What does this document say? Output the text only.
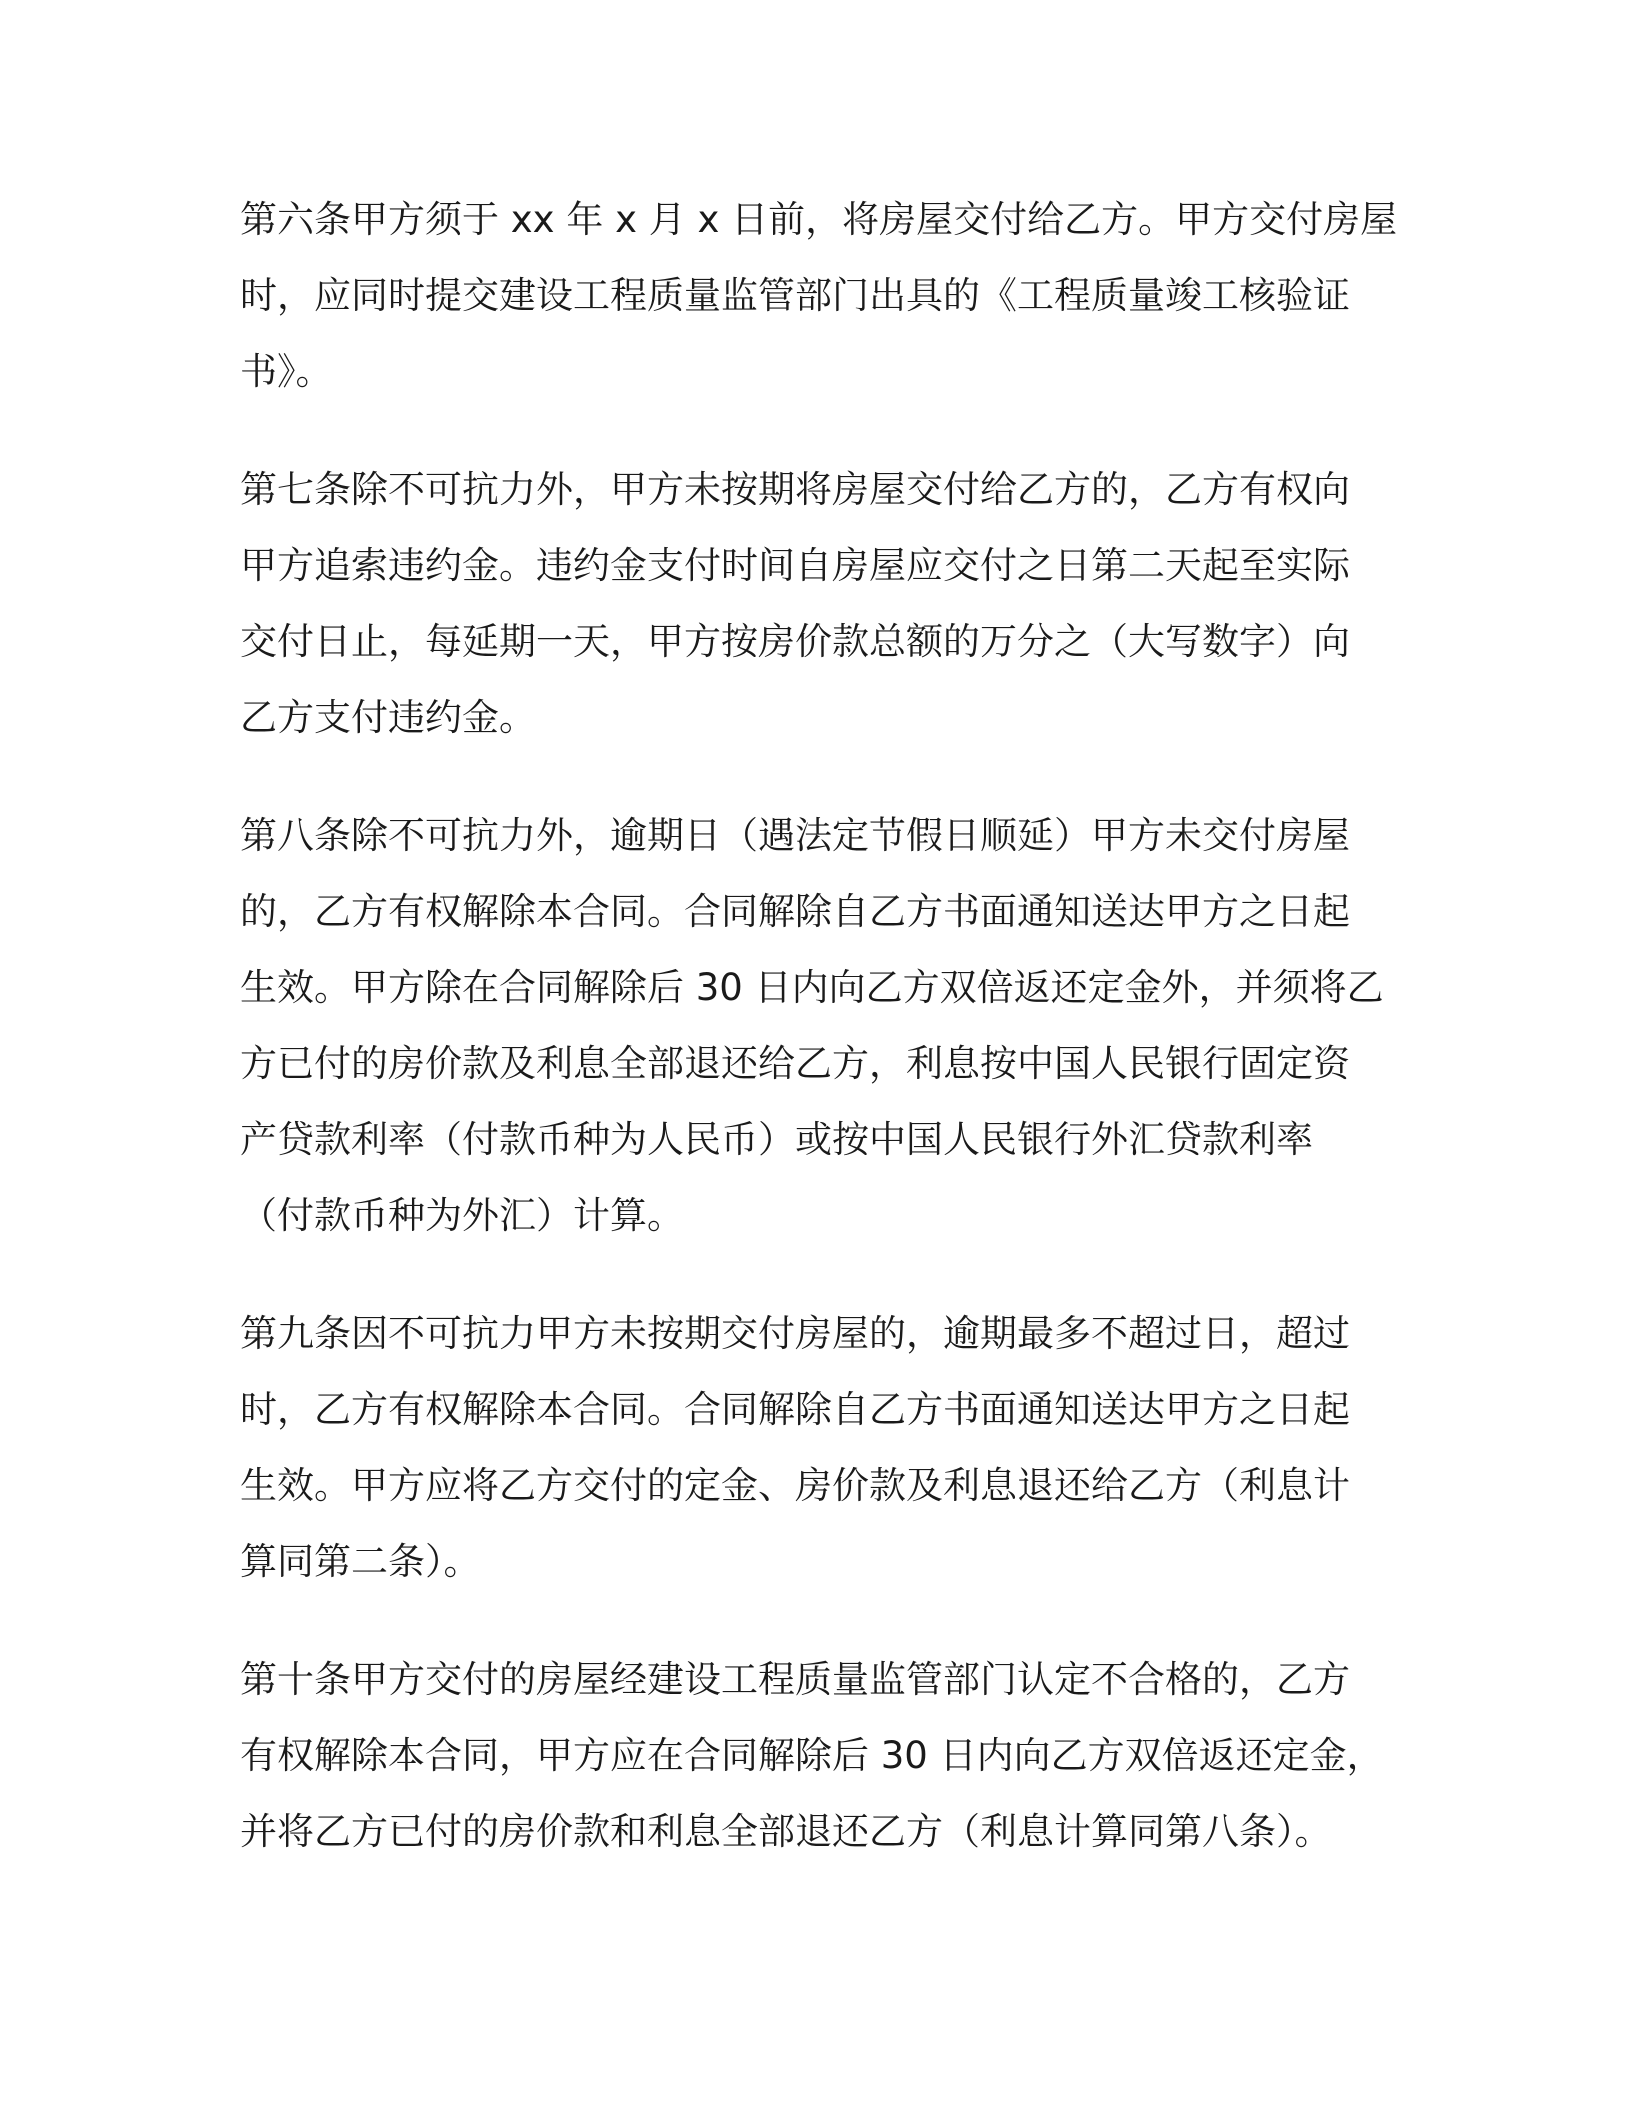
第六条甲方须于 xx 年 x 月 x 日前，将房屋交付给乙方。甲方交付房屋
时，应同时提交建设工程质量监管部门出具的《工程质量竣工核验证
书》。

第七条除不可抗力外，甲方未按期将房屋交付给乙方的，乙方有权向
甲方追索违约金。违约金支付时间自房屋应交付之日第二天起至实际
交付日止，每延期一天，甲方按房价款总额的万分之（大写数字）向
乙方支付违约金。

第八条除不可抗力外，逾期日（遇法定节假日顺延）甲方未交付房屋
的，乙方有权解除本合同。合同解除自乙方书面通知送达甲方之日起
生效。甲方除在合同解除后 30 日内向乙方双倍返还定金外，并须将乙
方已付的房价款及利息全部退还给乙方，利息按中国人民银行固定资
产贷款利率（付款币种为人民币）或按中国人民银行外汇贷款利率
（付款币种为外汇）计算。

第九条因不可抗力甲方未按期交付房屋的，逾期最多不超过日，超过
时，乙方有权解除本合同。合同解除自乙方书面通知送达甲方之日起
生效。甲方应将乙方交付的定金、房价款及利息退还给乙方（利息计
算同第二条）。

第十条甲方交付的房屋经建设工程质量监管部门认定不合格的，乙方
有权解除本合同，甲方应在合同解除后 30 日内向乙方双倍返还定金，
并将乙方已付的房价款和利息全部退还乙方（利息计算同第八条）。
